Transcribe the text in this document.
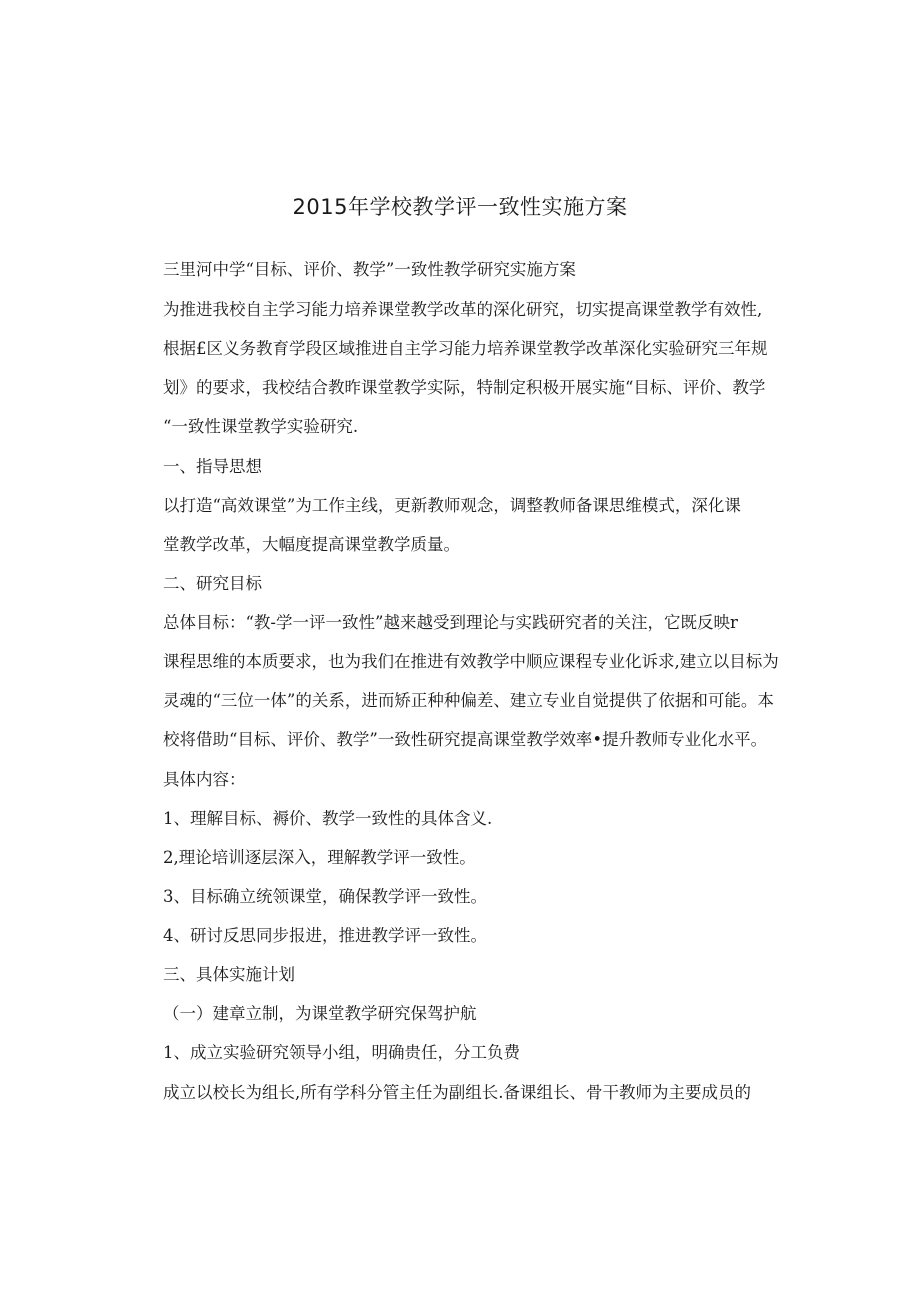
2015年学校教学评一致性实施方案
三里河中学“目标、评价、教学”一致性教学研究实施方案
为推进我校自主学习能力培养课堂教学改革的深化研究，切实提高课堂教学有效性,
根据£区义务教育学段区域推进自主学习能力培养课堂教学改革深化实验研究三年规
划》的要求，我校结合教昨课堂教学实际，特制定积极开展实施“目标、评价、教学
“一致性课堂教学实验研究.
一、指导思想
以打造“高效课堂”为工作主线，更新教师观念，调整教师备课思维模式，深化课
堂教学改革，大幅度提高课堂教学质量。
二、研究目标
总体目标：“教-学一评一致性”越来越受到理论与实践研究者的关注，它既反映r
课程思维的本质要求，也为我们在推进有效教学中顺应课程专业化诉求,建立以目标为
灵魂的“三位一体”的关系，进而矫正种种偏差、建立专业自觉提供了依据和可能。本
校将借助“目标、评价、教学”一致性研究提高课堂教学效率•提升教师专业化水平。
具体内容：
1、理解目标、褥价、教学一致性的具体含义.
2,理论培训逐层深入，理解教学评一致性。
3、目标确立统领课堂，确保教学评一致性。
4、研讨反思同步报进，推进教学评一致性。
三、具体实施计划
（一）建章立制，为课堂教学研究保驾护航
1、成立实验研究领导小组，明确贵任，分工负费
成立以校长为组长,所有学科分管主任为副组长.备课组长、骨干教师为主要成员的
